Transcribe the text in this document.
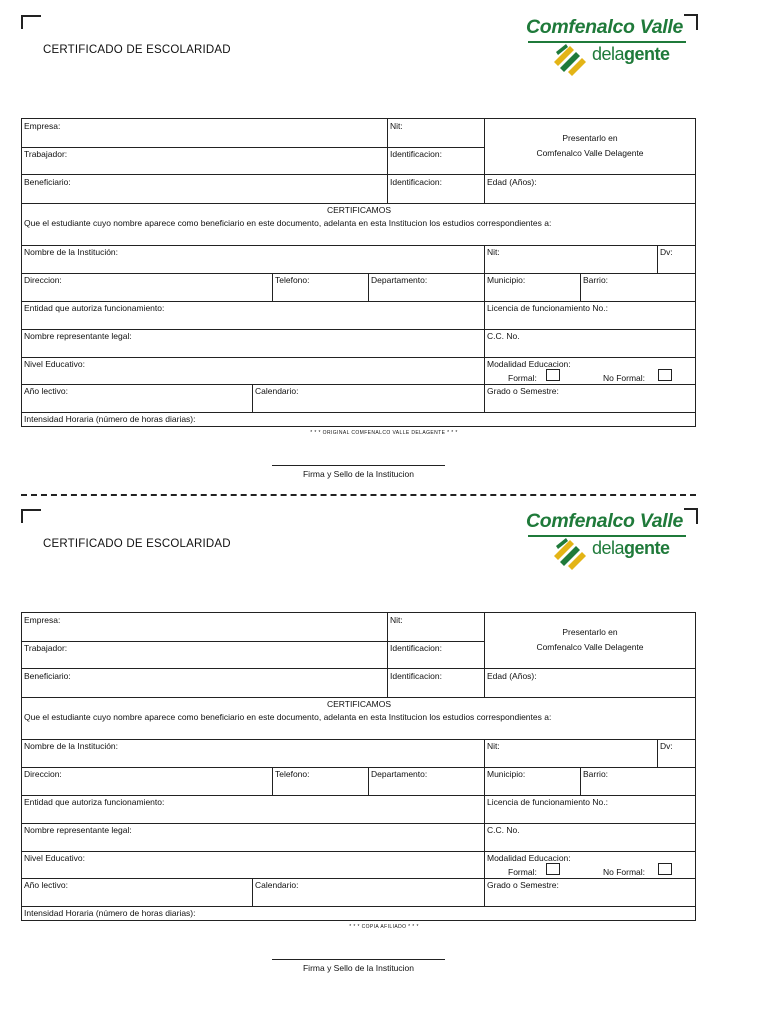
CERTIFICADO DE ESCOLARIDAD
Comfenalco Valle
delagente
Empresa:	Nit:
Presentarlo en
Comfenalco Valle Delagente
Trabajador:	Identificacion:
Beneficiario:	Identificacion:	Edad (Años):
CERTIFICAMOS
Que el estudiante cuyo nombre aparece como beneficiario en este documento, adelanta en esta Institucion los estudios correspondientes a:
Nombre de la Institución:	Nit:	Dv:
Direccion:	Telefono:	Departamento:	Municipio:	Barrio:
Entidad que autoriza funcionamiento:	Licencia de funcionamiento No.:
Nombre representante legal:	C.C. No.
Nivel Educativo:	Modalidad Educacion:
Formal:	No Formal:
Año lectivo:	Calendario:	Grado o Semestre:
Intensidad Horaria (número de horas diarias):
* * * ORIGINAL COMFENALCO VALLE DELAGENTE * * *
Firma y Sello de la Institucion
CERTIFICADO DE ESCOLARIDAD
Comfenalco Valle
delagente
Empresa:	Nit:
Presentarlo en
Comfenalco Valle Delagente
Trabajador:	Identificacion:
Beneficiario:	Identificacion:	Edad (Años):
CERTIFICAMOS
Que el estudiante cuyo nombre aparece como beneficiario en este documento, adelanta en esta Institucion los estudios correspondientes a:
Nombre de la Institución:	Nit:	Dv:
Direccion:	Telefono:	Departamento:	Municipio:	Barrio:
Entidad que autoriza funcionamiento:	Licencia de funcionamiento No.:
Nombre representante legal:	C.C. No.
Nivel Educativo:	Modalidad Educacion:
Formal:	No Formal:
Año lectivo:	Calendario:	Grado o Semestre:
Intensidad Horaria (número de horas diarias):
* * * COPIA AFILIADO * * *
Firma y Sello de la Institucion
